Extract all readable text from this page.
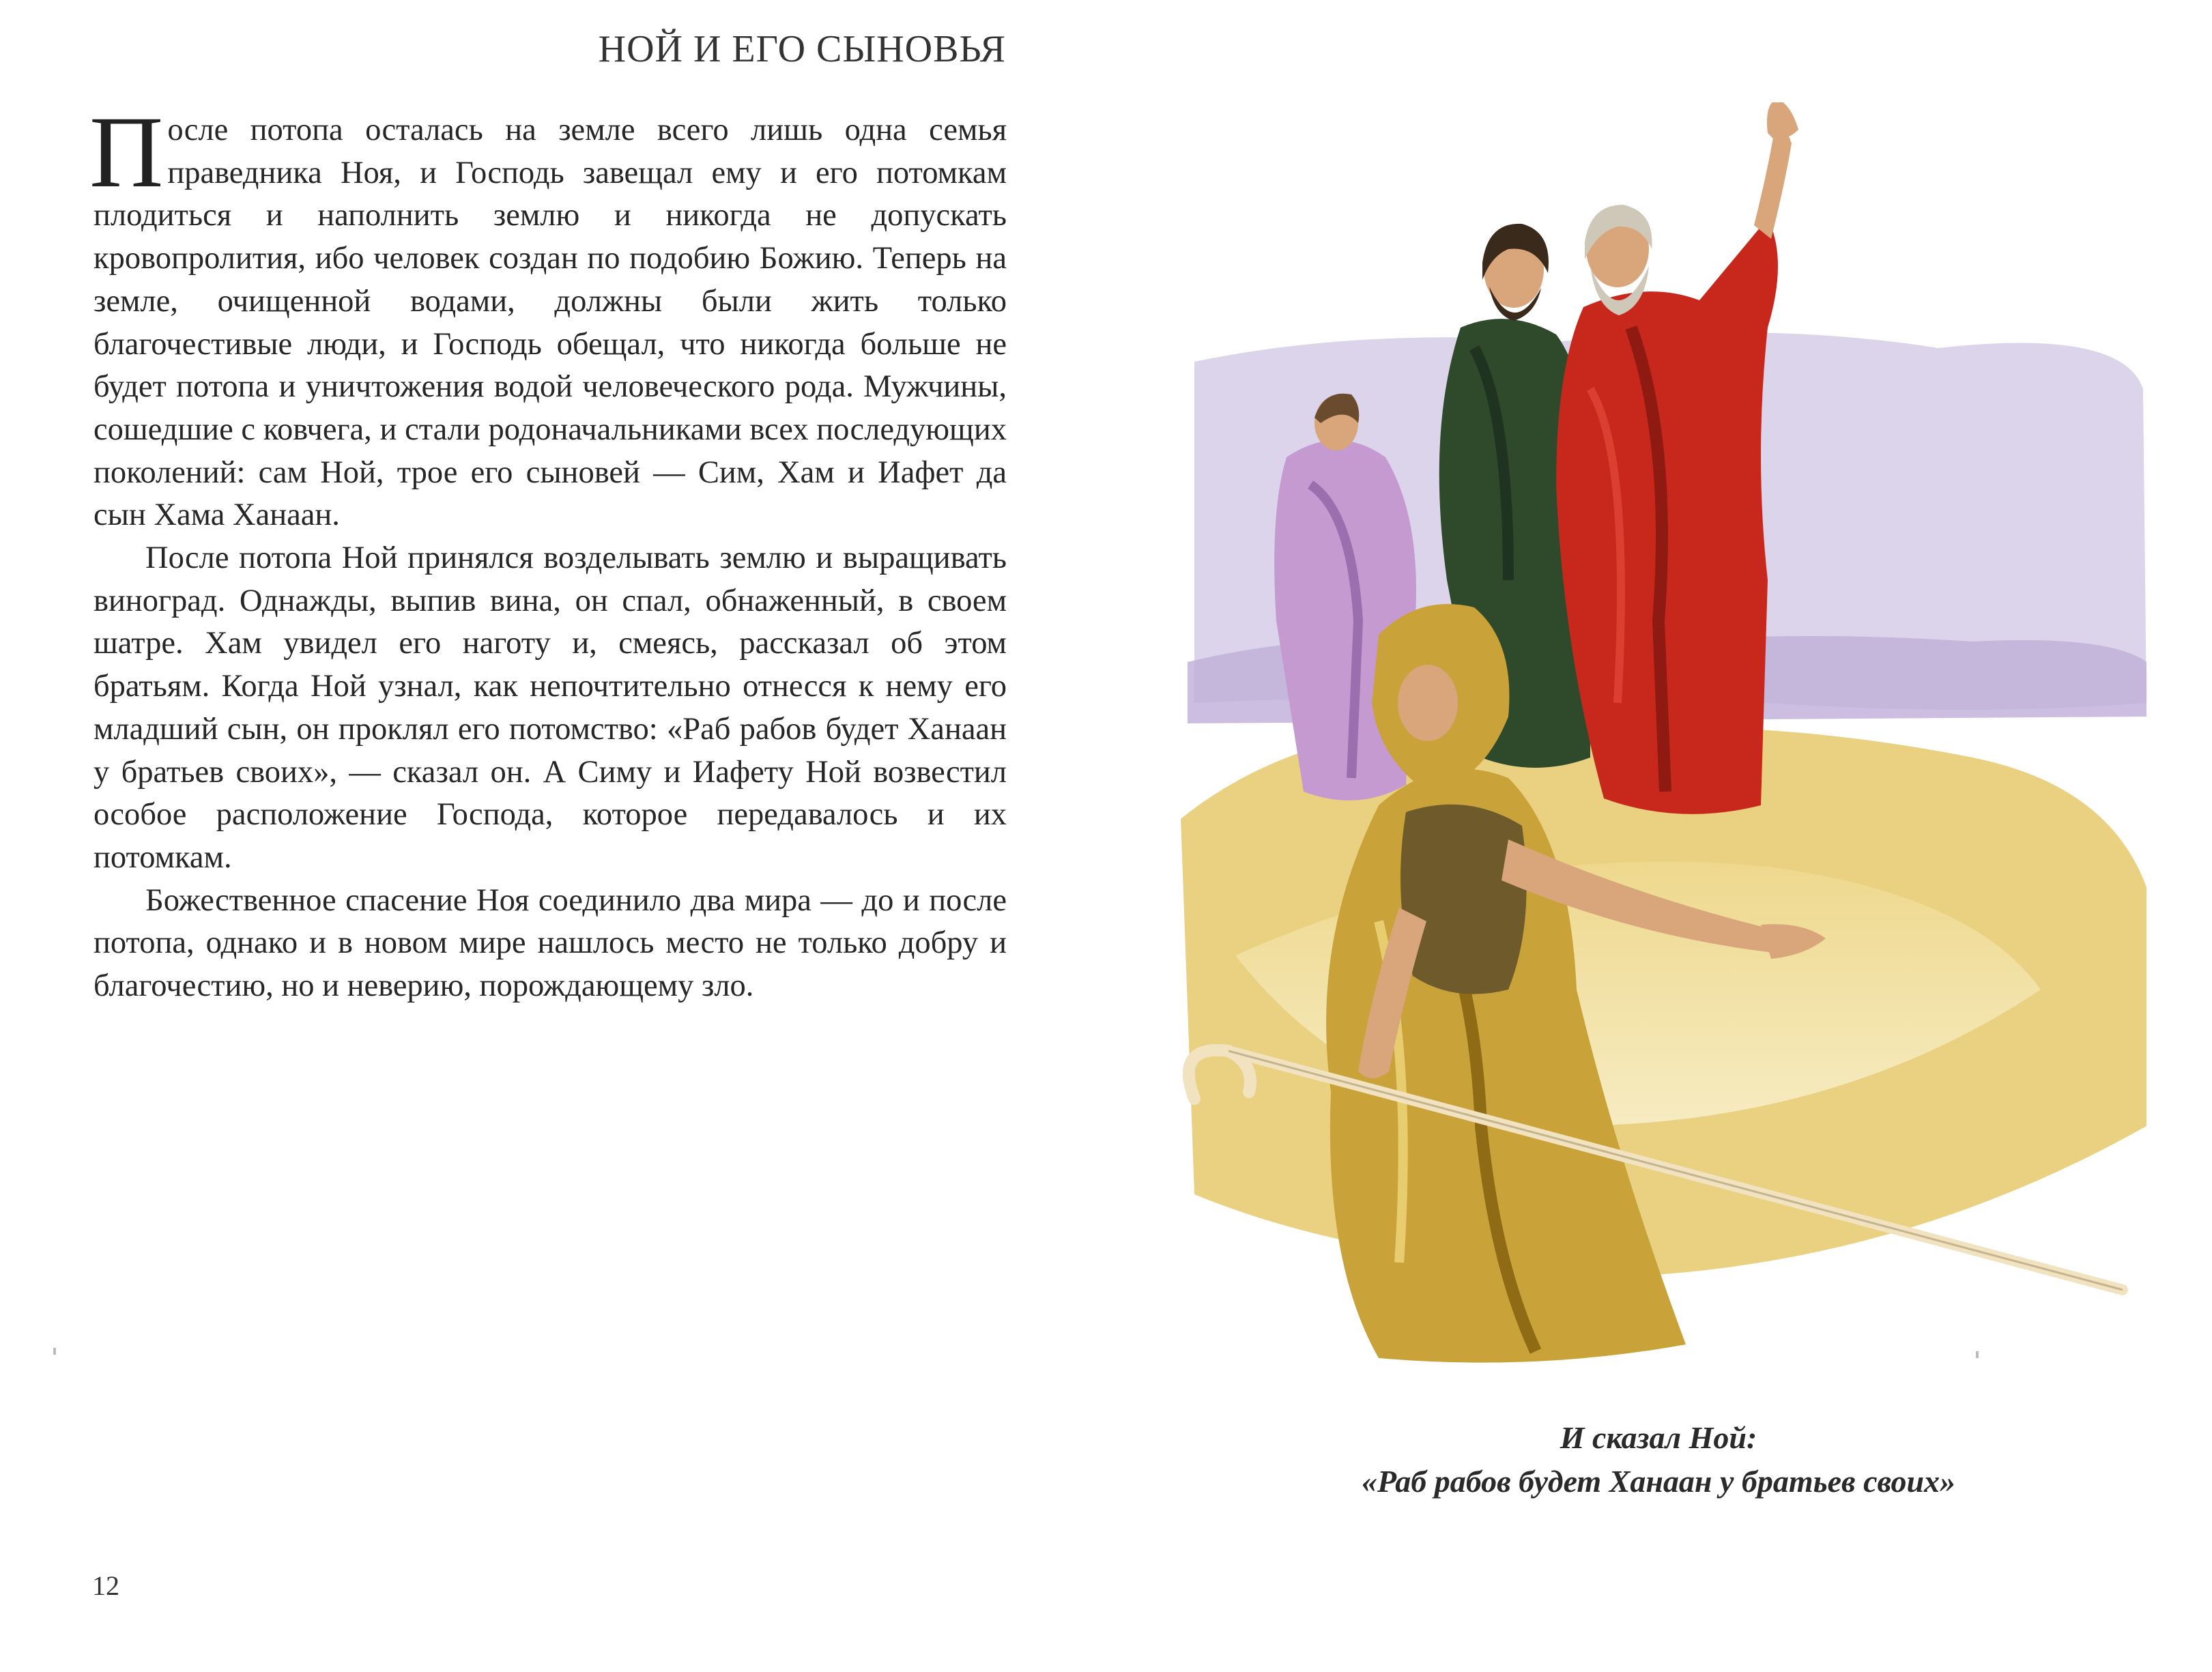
НОЙ И ЕГО СЫНОВЬЯ

После потопа осталась на земле всего лишь одна семья праведника Ноя, и Господь завещал ему и его потомкам плодиться и наполнить землю и никогда не допускать кровопролития, ибо человек создан по подобию Божию. Теперь на земле, очищенной водами, должны были жить только благочестивые люди, и Господь обещал, что никогда больше не будет потопа и уничтожения водой человеческого рода. Мужчины, сошедшие с ковчега, и стали родоначальниками всех последующих поколений: сам Ной, трое его сыновей — Сим, Хам и Иафет да сын Хама Ханаан.

После потопа Ной принялся возделывать землю и выращивать виноград. Однажды, выпив вина, он спал, обнаженный, в своем шатре. Хам увидел его наготу и, смеясь, рассказал об этом братьям. Когда Ной узнал, как непочтительно отнесся к нему его младший сын, он проклял его потомство: «Раб рабов будет Ханаан у братьев своих», — сказал он. А Симу и Иафету Ной возвестил особое расположение Господа, которое передавалось и их потомкам.

Божественное спасение Ноя соединило два мира — до и после потопа, однако и в новом мире нашлось место не только добру и благочестию, но и неверию, порождающему зло.

И сказал Ной:
«Раб рабов будет Ханаан у братьев своих»
12
